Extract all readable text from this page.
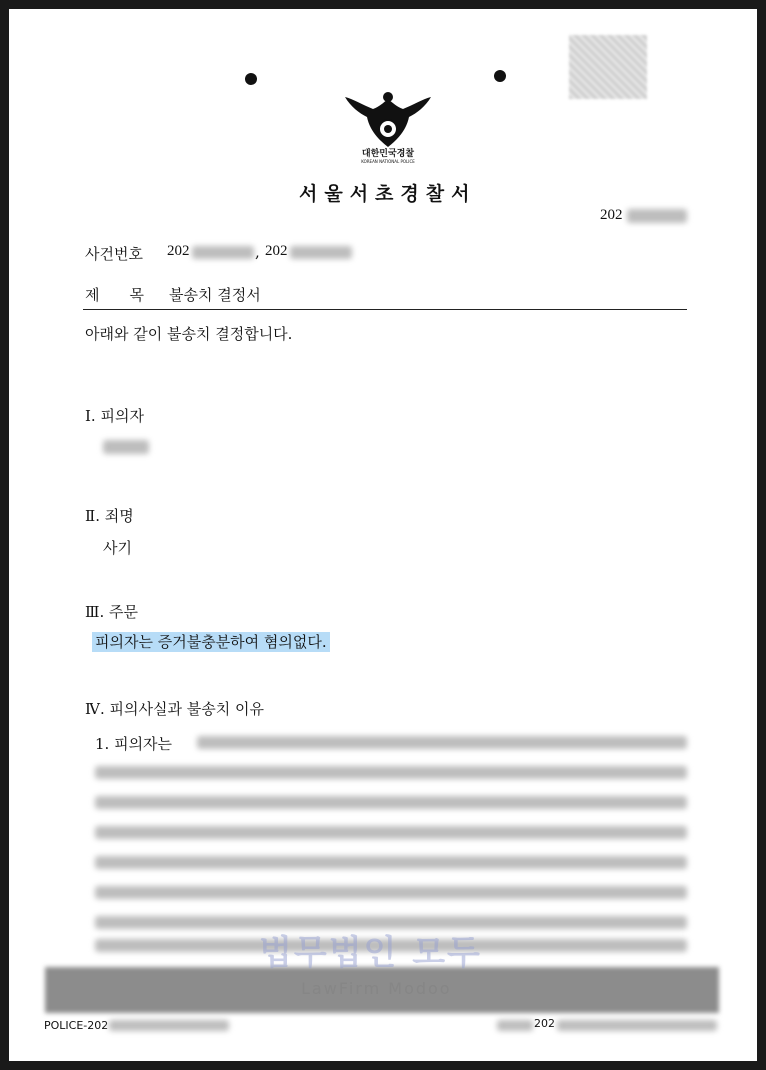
대한민국경찰
KOREAN NATIONAL POLICE
서울서초경찰서
202
사건번호 202	, 202
제　　목 불송치 결정서
아래와 같이 불송치 결정합니다.
Ⅰ. 피의자
Ⅱ. 죄명
사기
Ⅲ. 주문
피의자는 증거불충분하여 혐의없다.
Ⅳ. 피의사실과 불송치 이유
1. 피의자는
법무법인 모두
LawFirm Modoo
POLICE-202	202
